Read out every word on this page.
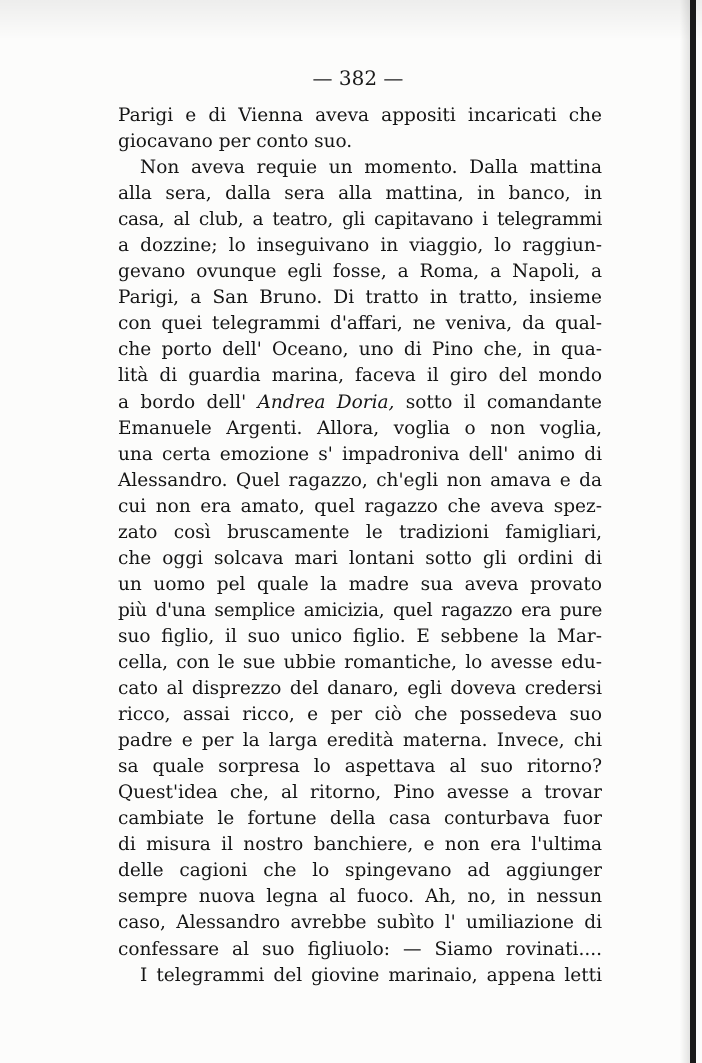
— 382 —
Parigi e di Vienna aveva appositi incaricati che
giocavano per conto suo.
Non aveva requie un momento. Dalla mattina
alla sera, dalla sera alla mattina, in banco, in
casa, al club, a teatro, gli capitavano i telegrammi
a dozzine; lo inseguivano in viaggio, lo raggiun-
gevano ovunque egli fosse, a Roma, a Napoli, a
Parigi, a San Bruno. Di tratto in tratto, insieme
con quei telegrammi d'affari, ne veniva, da qual-
che porto dell' Oceano, uno di Pino che, in qua-
lità di guardia marina, faceva il giro del mondo
a bordo dell' Andrea Doria, sotto il comandante
Emanuele Argenti. Allora, voglia o non voglia,
una certa emozione s' impadroniva dell' animo di
Alessandro. Quel ragazzo, ch'egli non amava e da
cui non era amato, quel ragazzo che aveva spez-
zato così bruscamente le tradizioni famigliari,
che oggi solcava mari lontani sotto gli ordini di
un uomo pel quale la madre sua aveva provato
più d'una semplice amicizia, quel ragazzo era pure
suo figlio, il suo unico figlio. E sebbene la Mar-
cella, con le sue ubbie romantiche, lo avesse edu-
cato al disprezzo del danaro, egli doveva credersi
ricco, assai ricco, e per ciò che possedeva suo
padre e per la larga eredità materna. Invece, chi
sa quale sorpresa lo aspettava al suo ritorno?
Quest'idea che, al ritorno, Pino avesse a trovar
cambiate le fortune della casa conturbava fuor
di misura il nostro banchiere, e non era l'ultima
delle cagioni che lo spingevano ad aggiunger
sempre nuova legna al fuoco. Ah, no, in nessun
caso, Alessandro avrebbe subìto l' umiliazione di
confessare al suo figliuolo: — Siamo rovinati....
I telegrammi del giovine marinaio, appena letti
